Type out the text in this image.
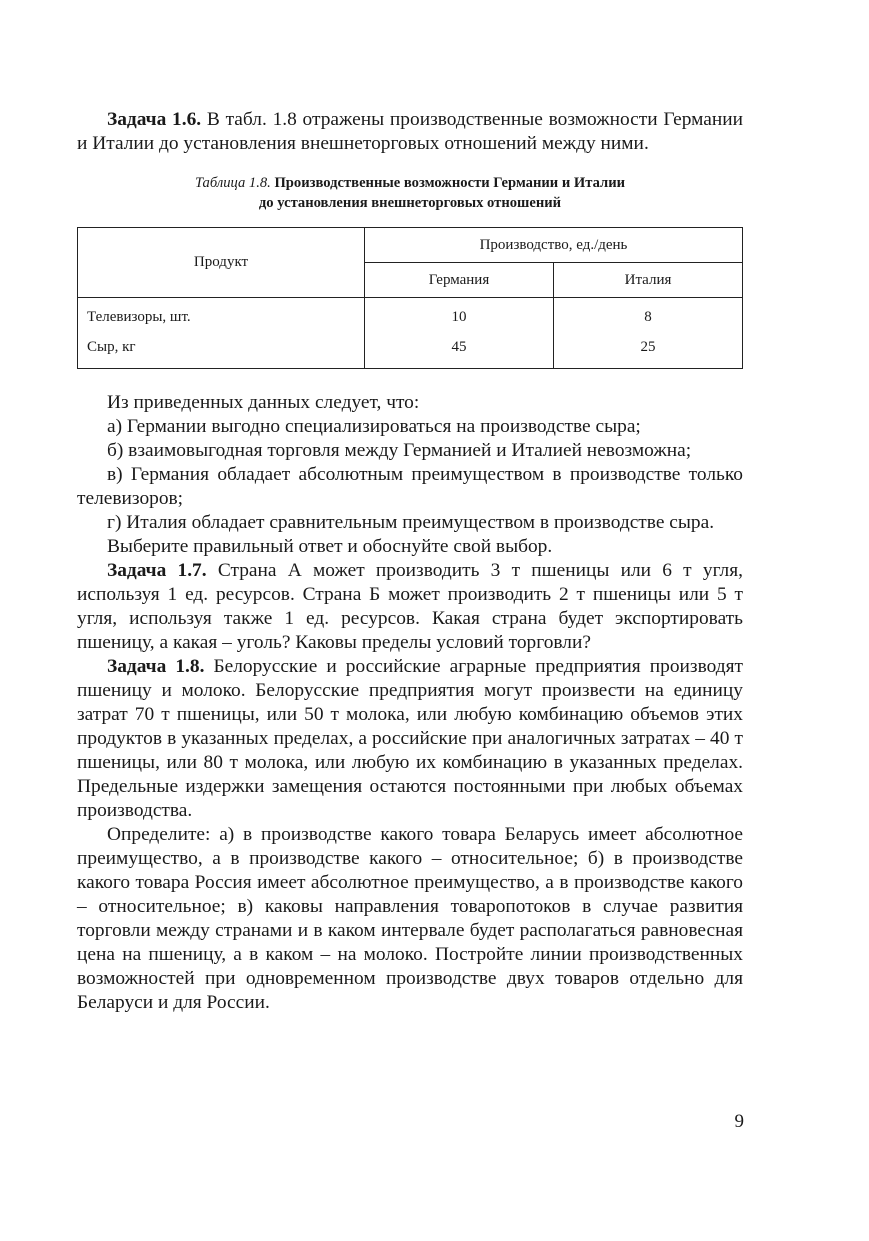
Задача 1.6. В табл. 1.8 отражены производственные возможности Германии и Италии до установления внешнеторговых отношений между ними.

Таблица 1.8. Производственные возможности Германии и Италии
до установления внешнеторговых отношений
Продукт	Производство, ед./день	
	Германия	Италия
Телевизоры, шт.	10	8
Сыр, кг	45	25

Из приведенных данных следует, что:

а) Германии выгодно специализироваться на производстве сыра;

б) взаимовыгодная торговля между Германией и Италией невозможна;

в) Германия обладает абсолютным преимуществом в производстве только телевизоров;

г) Италия обладает сравнительным преимуществом в производстве сыра.

Выберите правильный ответ и обоснуйте свой выбор.

Задача 1.7. Страна А может производить 3 т пшеницы или 6 т угля, используя 1 ед. ресурсов. Страна Б может производить 2 т пшеницы или 5 т угля, используя также 1 ед. ресурсов. Какая страна будет экспортировать пшеницу, а какая – уголь? Каковы пределы условий торговли?

Задача 1.8. Белорусские и российские аграрные предприятия производят пшеницу и молоко. Белорусские предприятия могут произвести на единицу затрат 70 т пшеницы, или 50 т молока, или любую комбинацию объемов этих продуктов в указанных пределах, а российские при аналогичных затратах – 40 т пшеницы, или 80 т молока, или любую их комбинацию в указанных пределах. Предельные издержки замещения остаются постоянными при любых объемах производства.

Определите: а) в производстве какого товара Беларусь имеет абсолютное преимущество, а в производстве какого – относительное; б) в производстве какого товара Россия имеет абсолютное преимущество, а в производстве какого – относительное; в) каковы направления товаропотоков в случае развития торговли между странами и в каком интервале будет располагаться равновесная цена на пшеницу, а в каком – на молоко. Постройте линии производственных возможностей при одновременном производстве двух товаров отдельно для Беларуси и для России.

9
